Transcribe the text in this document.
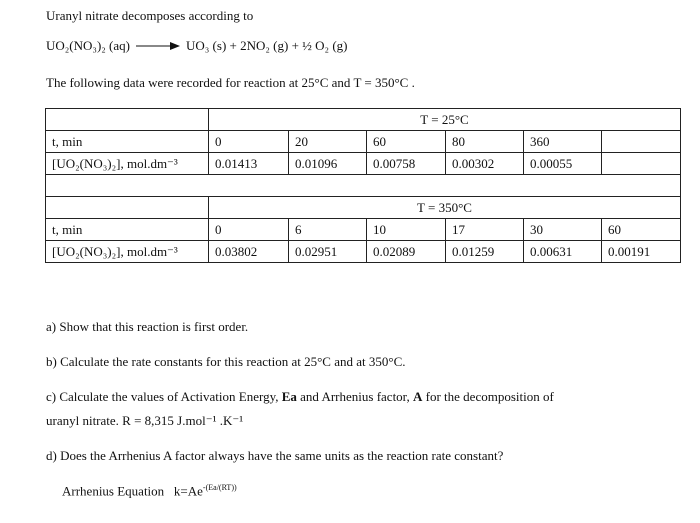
Uranyl nitrate decomposes according to
UO₂(NO₃)₂ (aq) → UO₃ (s) + 2NO₂ (g) + ½ O₂ (g)
The following data were recorded for reaction at 25°C and T = 350°C .
	T = 25°C					
t, min	0	20	60	80	360	
[UO₂(NO₃)₂], mol.dm⁻³	0.01413	0.01096	0.00758	0.00302	0.00055	

	T = 350°C					
t, min	0	6	10	17	30	60
[UO₂(NO₃)₂], mol.dm⁻³	0.03802	0.02951	0.02089	0.01259	0.00631	0.00191
a) Show that this reaction is first order.
b) Calculate the rate constants for this reaction at 25°C and at 350°C.
c) Calculate the values of Activation Energy, Ea and Arrhenius factor, A for the decomposition of
uranyl nitrate. R = 8,315 J.mol⁻¹ .K⁻¹
d) Does the Arrhenius A factor always have the same units as the reaction rate constant?
Arrhenius Equation $k=Ae^{-(Ea/(RT))}$
